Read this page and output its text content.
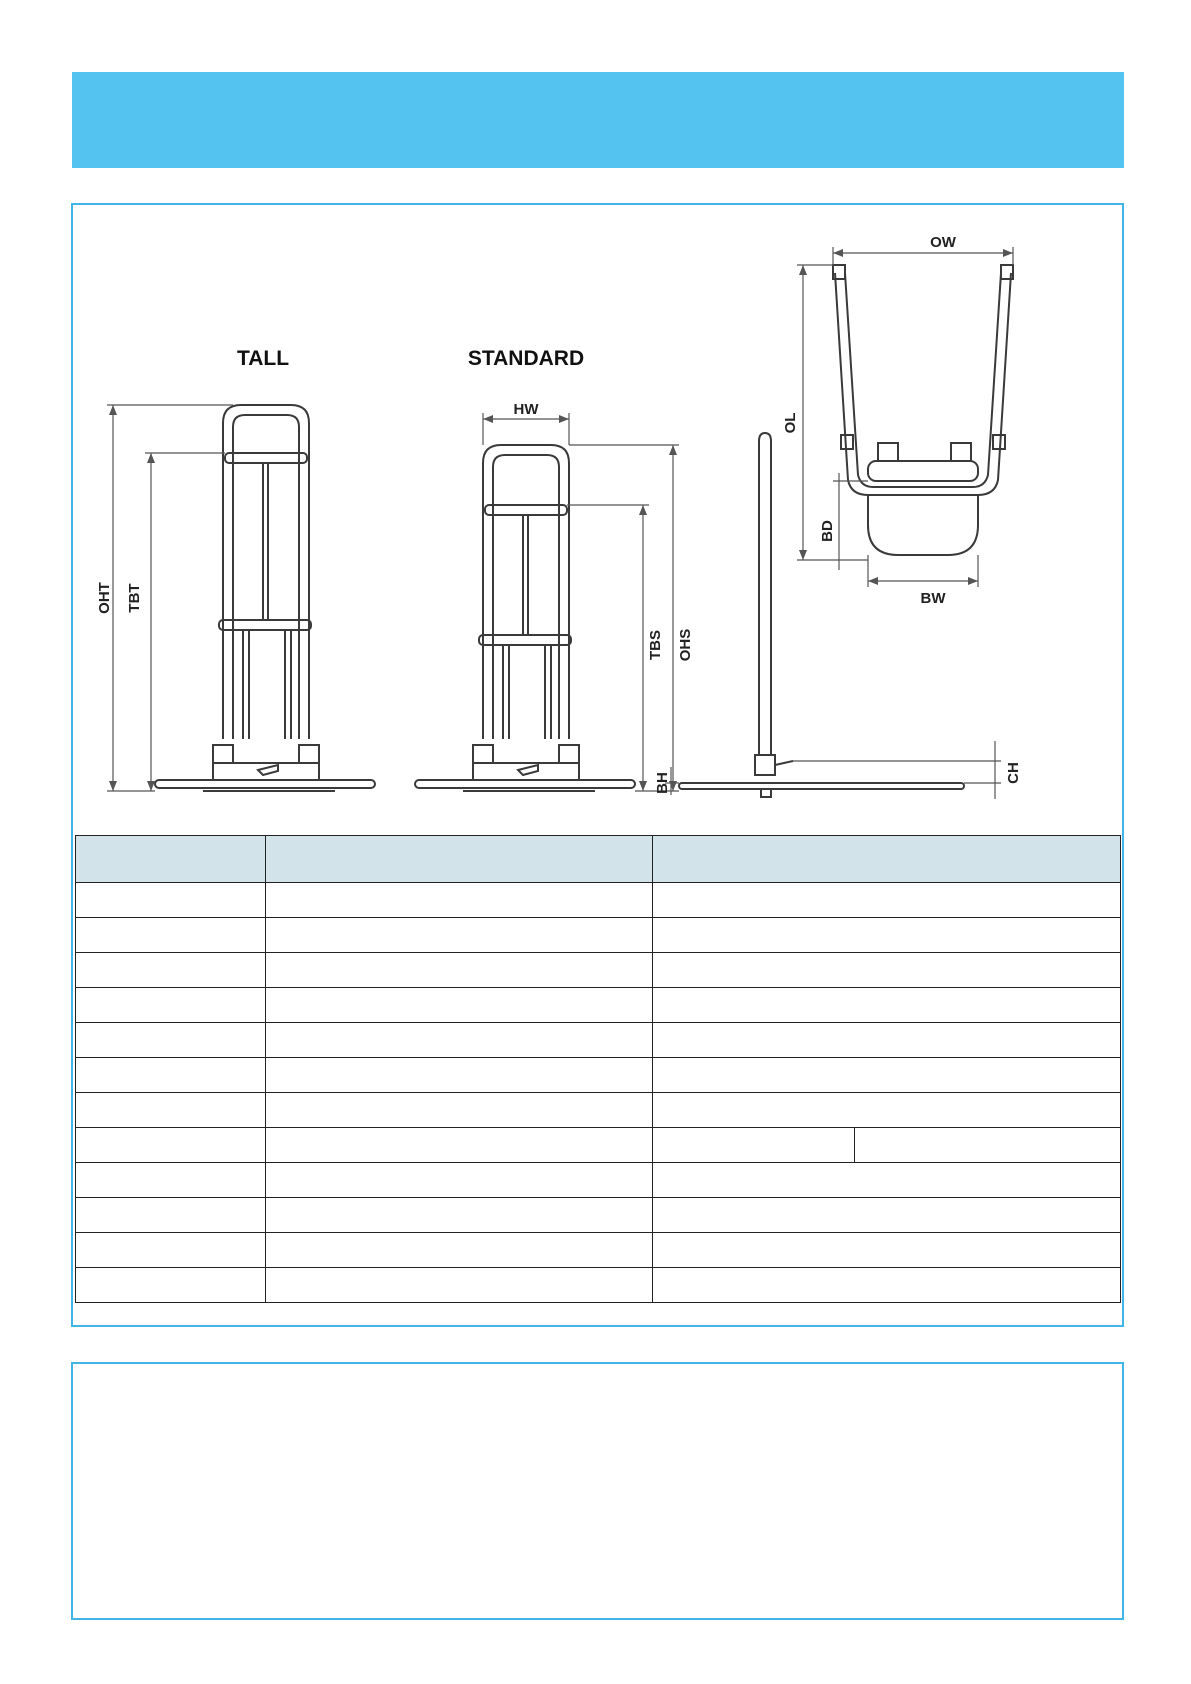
TALL	STANDARD
OHT TBT
HW
TBS OHS
BH	CH
OW
OL
BD
BW
